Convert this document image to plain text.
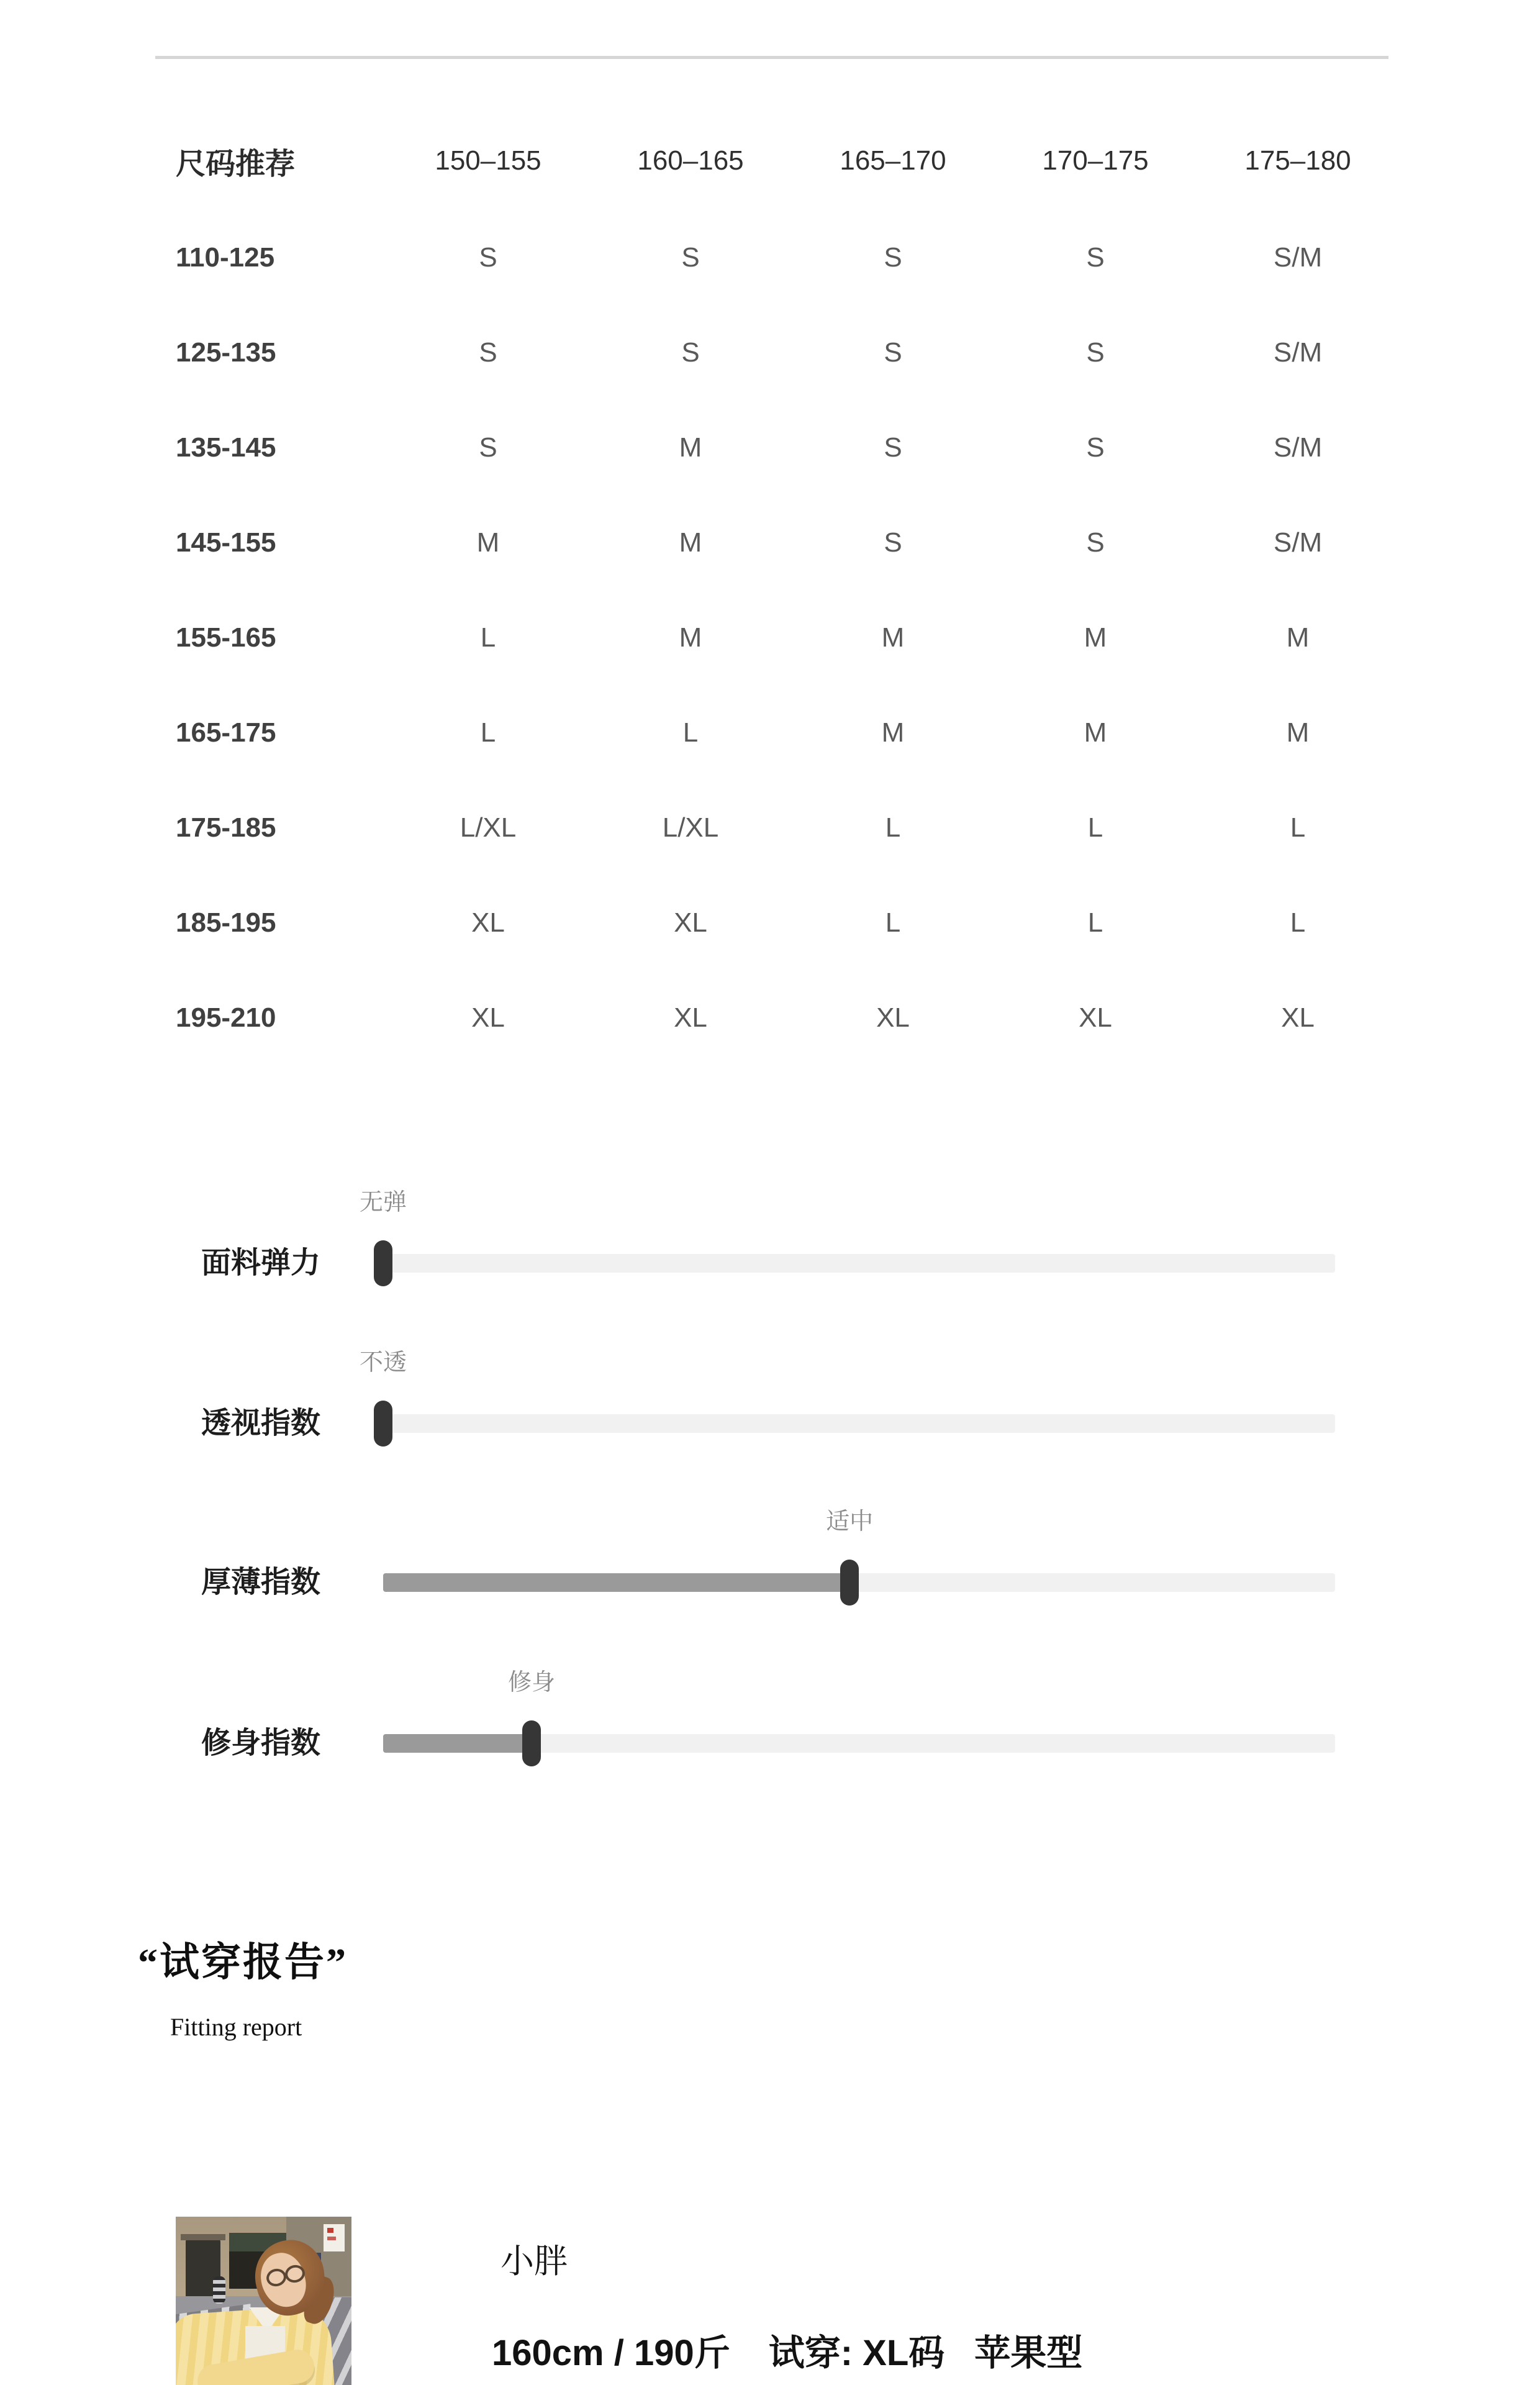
尺码推荐	150–155	160–165	165–170	170–175	175–180
110-125	S	S	S	S	S/M
125-135	S	S	S	S	S/M
135-145	S	M	S	S	S/M
145-155	M	M	S	S	S/M
155-165	L	M	M	M	M
165-175	L	L	M	M	M
175-185	L/XL	L/XL	L	L	L
185-195	XL	XL	L	L	L
195-210	XL	XL	XL	XL	XL
无弹
面料弹力
不透
透视指数
适中
厚薄指数
修身
修身指数
“试穿报告”
Fitting report
小胖
160cm / 190斤 试穿: XL码 苹果型
